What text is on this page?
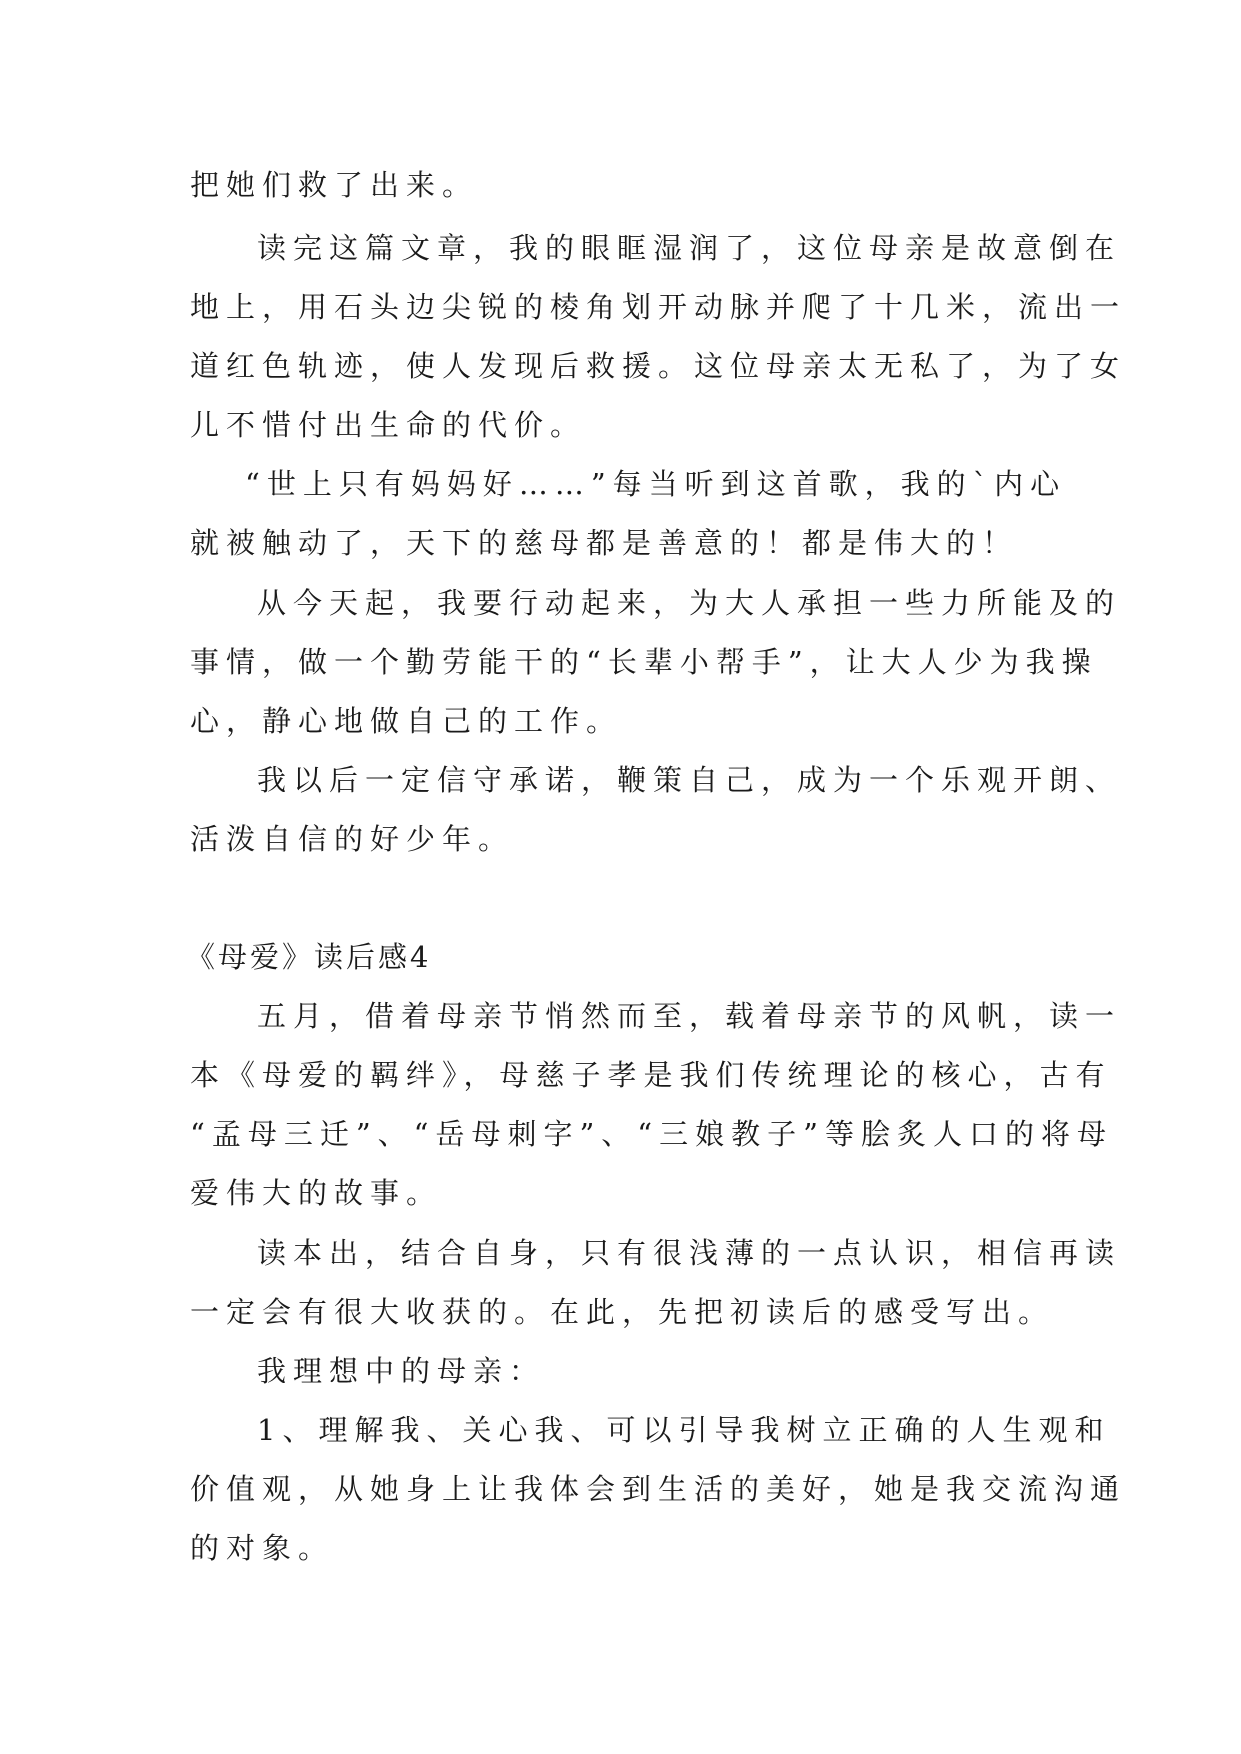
把她们救了出来。
读完这篇文章，我的眼眶湿润了，这位母亲是故意倒在
地上，用石头边尖锐的棱角划开动脉并爬了十几米，流出一
道红色轨迹，使人发现后救援。这位母亲太无私了，为了女
儿不惜付出生命的代价。
“世上只有妈妈好……”每当听到这首歌，我的`内心
就被触动了，天下的慈母都是善意的！都是伟大的！
从今天起，我要行动起来，为大人承担一些力所能及的
事情，做一个勤劳能干的“长辈小帮手”，让大人少为我操
心，静心地做自己的工作。
我以后一定信守承诺，鞭策自己，成为一个乐观开朗、
活泼自信的好少年。
《母爱》读后感4
五月，借着母亲节悄然而至，载着母亲节的风帆，读一
本《母爱的羁绊》，母慈子孝是我们传统理论的核心，古有
“孟母三迁”、“岳母刺字”、“三娘教子”等脍炙人口的将母
爱伟大的故事。
读本出，结合自身，只有很浅薄的一点认识，相信再读
一定会有很大收获的。在此，先把初读后的感受写出。
我理想中的母亲：
1、理解我、关心我、可以引导我树立正确的人生观和
价值观，从她身上让我体会到生活的美好，她是我交流沟通
的对象。
